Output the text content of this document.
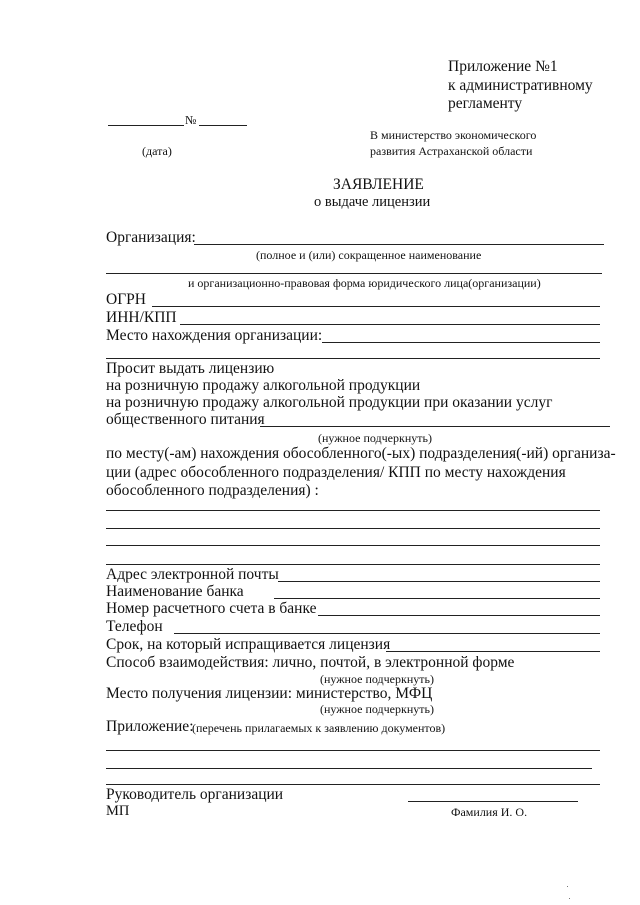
Приложение №1
к административному
регламенту
№
(дата)
В министерство экономического
развития Астраханской области
ЗАЯВЛЕНИЕ
о выдаче лицензии
Организация:
(полное и (или) сокращенное наименование
и организационно-правовая форма юридического лица(организации)
ОГРН
ИНН/КПП
Место нахождения организации:
Просит выдать лицензию
на розничную продажу алкогольной продукции
на розничную продажу алкогольной продукции при оказании услуг
общественного питания
(нужное подчеркнуть)
по месту(-ам) нахождения обособленного(-ых) подразделения(-ий) организа-
ции (адрес обособленного подразделения/ КПП по месту нахождения
обособленного подразделения) :
Адрес электронной почты
Наименование банка
Номер расчетного счета в банке
Телефон
Срок, на который испращивается лицензия
Способ взаимодействия: лично, почтой, в электронной форме
(нужное подчеркнуть)
Место получения лицензии: министерство, МФЦ
(нужное подчеркнуть)
Приложение:
(перечень прилагаемых к заявлению документов)
Руководитель организации
МП	Фамилия И. О.
